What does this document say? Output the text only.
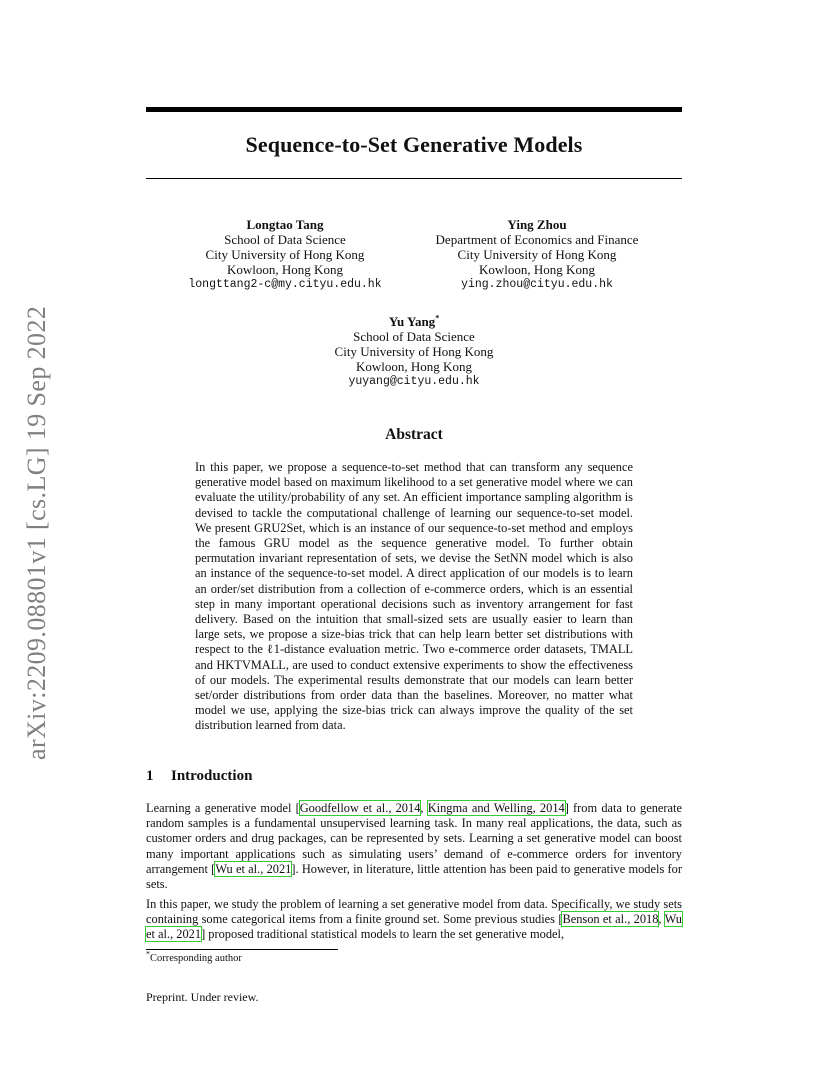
arXiv:2209.08801v1 [cs.LG] 19 Sep 2022
Sequence-to-Set Generative Models
Longtao Tang
School of Data Science
City University of Hong Kong
Kowloon, Hong Kong
longttang2-c@my.cityu.edu.hk
Ying Zhou
Department of Economics and Finance
City University of Hong Kong
Kowloon, Hong Kong
ying.zhou@cityu.edu.hk
Yu Yang*
School of Data Science
City University of Hong Kong
Kowloon, Hong Kong
yuyang@cityu.edu.hk
Abstract
In this paper, we propose a sequence-to-set method that can transform any sequence generative model based on maximum likelihood to a set generative model where we can evaluate the utility/probability of any set. An efficient importance sampling algorithm is devised to tackle the computational challenge of learning our sequence-to-set model. We present GRU2Set, which is an instance of our sequence-to-set method and employs the famous GRU model as the sequence generative model. To further obtain permutation invariant representation of sets, we devise the SetNN model which is also an instance of the sequence-to-set model. A direct application of our models is to learn an order/set distribution from a collection of e-commerce orders, which is an essential step in many important operational decisions such as inventory arrangement for fast delivery. Based on the intuition that small-sized sets are usually easier to learn than large sets, we propose a size-bias trick that can help learn better set distributions with respect to the ℓ1-distance evaluation metric. Two e-commerce order datasets, TMALL and HKTVMALL, are used to conduct extensive experiments to show the effectiveness of our models. The experimental results demonstrate that our models can learn better set/order distributions from order data than the baselines. Moreover, no matter what model we use, applying the size-bias trick can always improve the quality of the set distribution learned from data.
1 Introduction
Learning a generative model [Goodfellow et al., 2014, Kingma and Welling, 2014] from data to generate random samples is a fundamental unsupervised learning task. In many real applications, the data, such as customer orders and drug packages, can be represented by sets. Learning a set generative model can boost many important applications such as simulating users’ demand of e-commerce orders for inventory arrangement [Wu et al., 2021]. However, in literature, little attention has been paid to generative models for sets.
In this paper, we study the problem of learning a set generative model from data. Specifically, we study sets containing some categorical items from a finite ground set. Some previous studies [Benson et al., 2018, Wu et al., 2021] proposed traditional statistical models to learn the set generative model,
*Corresponding author
Preprint. Under review.
